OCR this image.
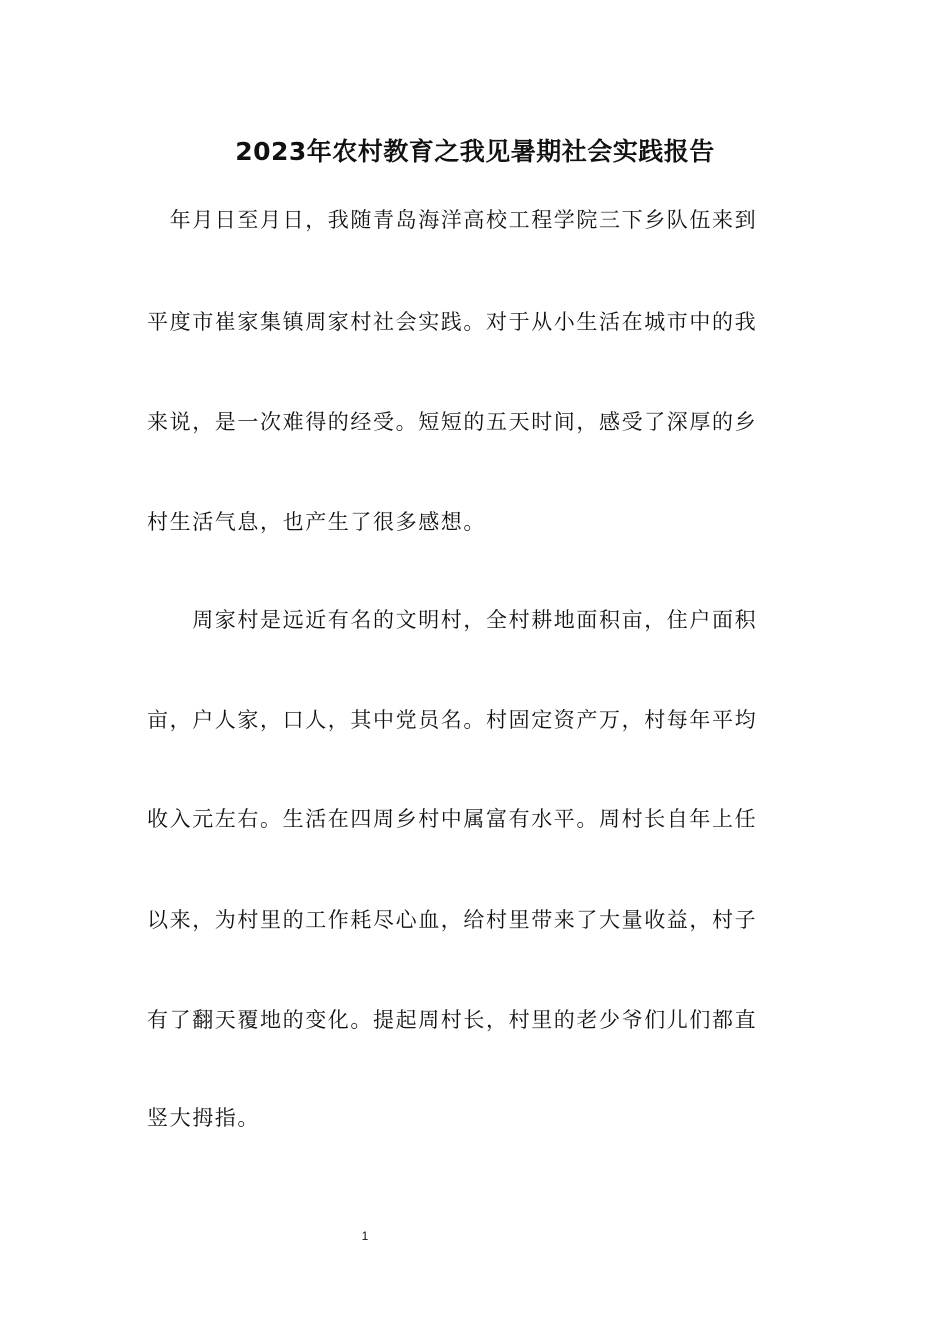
2023年农村教育之我见暑期社会实践报告

　年月日至月日，我随青岛海洋高校工程学院三下乡队伍来到

平度市崔家集镇周家村社会实践。对于从小生活在城市中的我

来说，是一次难得的经受。短短的五天时间，感受了深厚的乡

村生活气息，也产生了很多感想。

　　周家村是远近有名的文明村，全村耕地面积亩，住户面积

亩，户人家，口人，其中党员名。村固定资产万，村每年平均

收入元左右。生活在四周乡村中属富有水平。周村长自年上任

以来，为村里的工作耗尽心血，给村里带来了大量收益，村子

有了翻天覆地的变化。提起周村长，村里的老少爷们儿们都直

竖大拇指。

1
